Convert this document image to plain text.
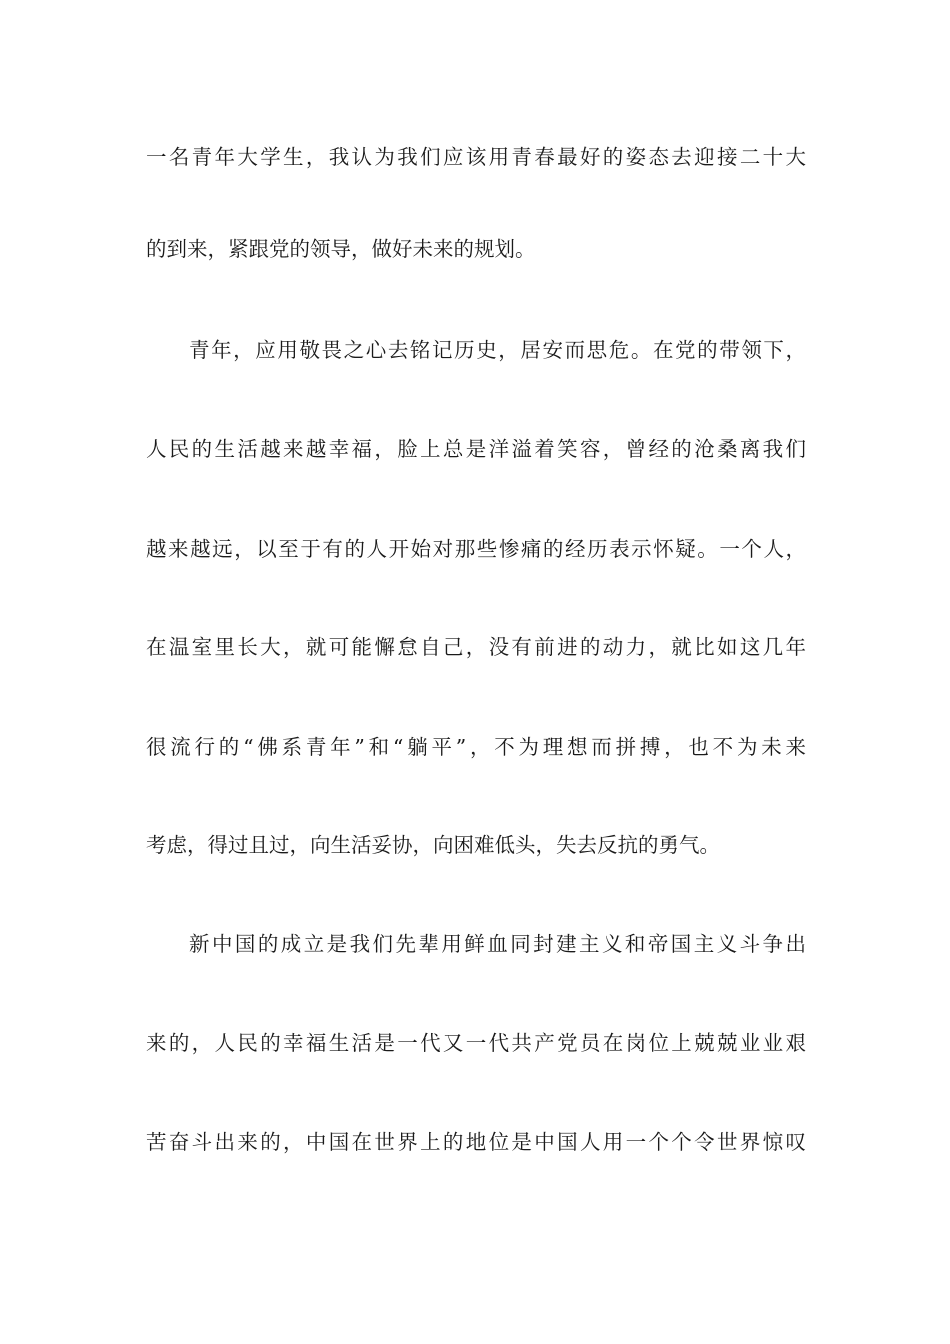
一名青年大学生，我认为我们应该用青春最好的姿态去迎接二十大
的到来，紧跟党的领导，做好未来的规划。
青年，应用敬畏之心去铭记历史，居安而思危。在党的带领下，
人民的生活越来越幸福，脸上总是洋溢着笑容，曾经的沧桑离我们
越来越远，以至于有的人开始对那些惨痛的经历表示怀疑。一个人，
在温室里长大，就可能懈怠自己，没有前进的动力，就比如这几年
很流行的“佛系青年”和“躺平”，不为理想而拼搏，也不为未来
考虑，得过且过，向生活妥协，向困难低头，失去反抗的勇气。
新中国的成立是我们先辈用鲜血同封建主义和帝国主义斗争出
来的，人民的幸福生活是一代又一代共产党员在岗位上兢兢业业艰
苦奋斗出来的，中国在世界上的地位是中国人用一个个令世界惊叹
